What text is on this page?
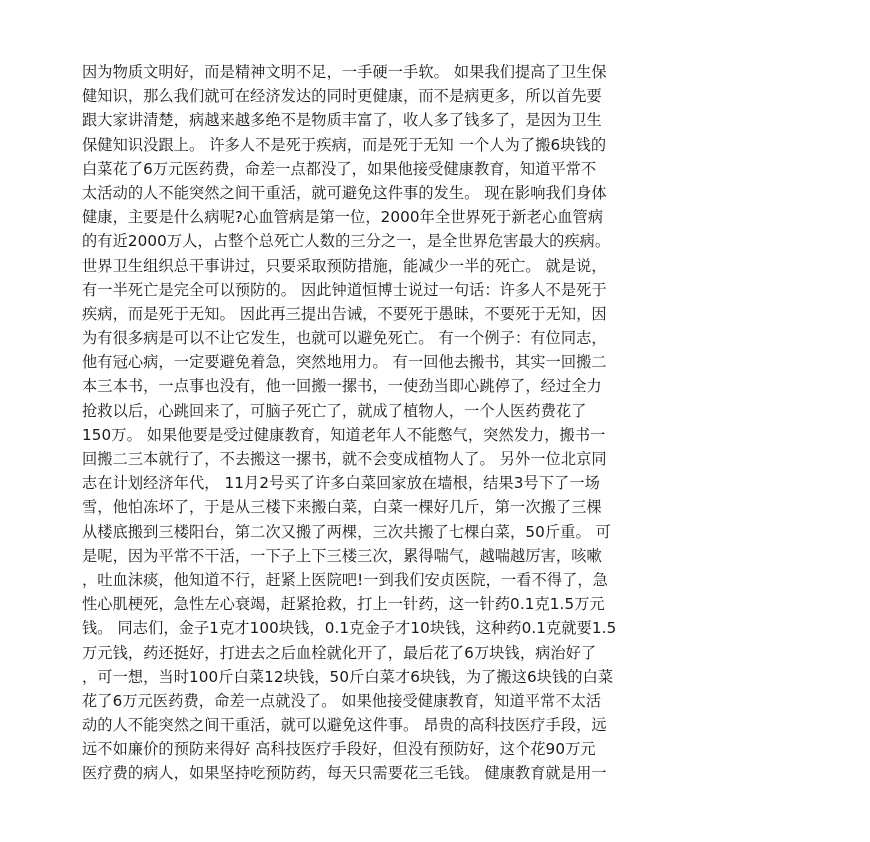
因为物质文明好，而是精神文明不足，一手硬一手软。 如果我们提高了卫生保
健知识，那么我们就可在经济发达的同时更健康，而不是病更多，所以首先要
跟大家讲清楚，病越来越多绝不是物质丰富了，收人多了钱多了，是因为卫生
保健知识没跟上。 许多人不是死于疾病，而是死于无知 一个人为了搬6块钱的
白菜花了6万元医药费，命差一点都没了，如果他接受健康教育，知道平常不
太活动的人不能突然之间干重活，就可避免这件事的发生。 现在影响我们身体
健康，主要是什么病呢?心血管病是第一位，2000年全世界死于新老心血管病
的有近2000万人，占整个总死亡人数的三分之一，是全世界危害最大的疾病。
世界卫生组织总干事讲过，只要采取预防措施，能减少一半的死亡。 就是说，
有一半死亡是完全可以预防的。 因此钟道恒博士说过一句话：许多人不是死于
疾病，而是死于无知。 因此再三提出告诫，不要死于愚昧，不要死于无知，因
为有很多病是可以不让它发生，也就可以避免死亡。 有一个例子：有位同志，
他有冠心病，一定要避免着急，突然地用力。 有一回他去搬书，其实一回搬二
本三本书，一点事也没有，他一回搬一摞书，一使劲当即心跳停了，经过全力
抢救以后，心跳回来了，可脑子死亡了，就成了植物人，一个人医药费花了
150万。 如果他要是受过健康教育，知道老年人不能憋气，突然发力，搬书一
回搬二三本就行了，不去搬这一摞书，就不会变成植物人了。 另外一位北京同
志在计划经济年代， 11月2号买了许多白菜回家放在墙根，结果3号下了一场
雪，他怕冻坏了，于是从三楼下来搬白菜，白菜一棵好几斤，第一次搬了三棵
从楼底搬到三楼阳台，第二次又搬了两棵，三次共搬了七棵白菜，50斤重。 可
是呢，因为平常不干活，一下子上下三楼三次，累得喘气，越喘越厉害，咳嗽
，吐血沫痰，他知道不行，赶紧上医院吧!一到我们安贞医院，一看不得了，急
性心肌梗死，急性左心衰竭，赶紧抢救，打上一针药，这一针药0.1克1.5万元
钱。 同志们，金子1克才100块钱，0.1克金子才10块钱，这种药0.1克就要1.5
万元钱，药还挺好，打进去之后血栓就化开了，最后花了6万块钱，病治好了
，可一想，当时100斤白菜12块钱，50斤白菜才6块钱，为了搬这6块钱的白菜
花了6万元医药费，命差一点就没了。 如果他接受健康教育，知道平常不太活
动的人不能突然之间干重活，就可以避免这件事。 昂贵的高科技医疗手段，远
远不如廉价的预防来得好 高科技医疗手段好，但没有预防好，这个花90万元
医疗费的病人，如果坚持吃预防药，每天只需要花三毛钱。 健康教育就是用一
